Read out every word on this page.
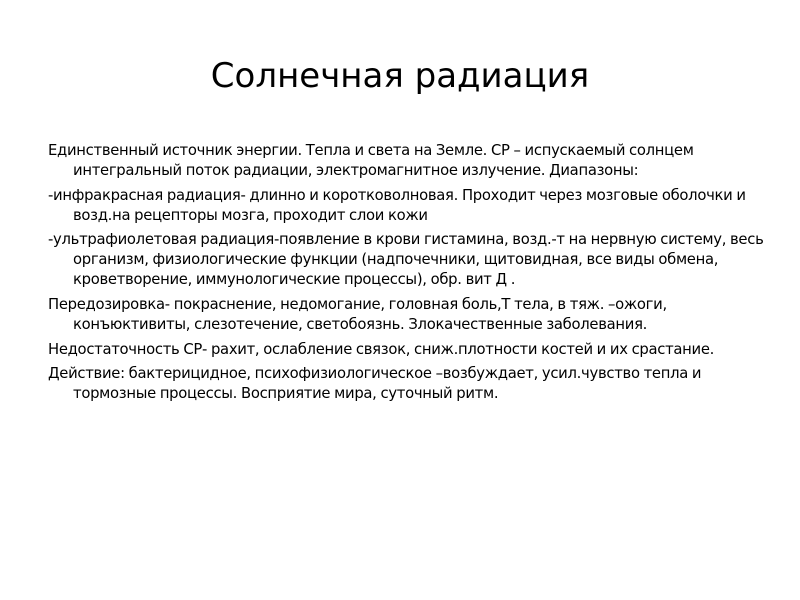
Солнечная радиация

Единственный источник энергии. Тепла и света на Земле. СР – испускаемый солнцем интегральный поток радиации, электромагнитное излучение. Диапазоны:

-инфракрасная радиация- длинно и коротковолновая. Проходит через мозговые оболочки и возд.на рецепторы мозга, проходит слои кожи

-ультрафиолетовая радиация-появление в крови гистамина, возд.-т на нервную систему, весь организм, физиологические функции (надпочечники, щитовидная, все виды обмена, кроветворение, иммунологические процессы), обр. вит Д .

Передозировка- покраснение, недомогание, головная боль,Т тела, в тяж. –ожоги, конъюктивиты, слезотечение, светобоязнь. Злокачественные заболевания.

Недостаточность СР- рахит, ослабление связок, сниж.плотности костей и их срастание.

Действие: бактерицидное, психофизиологическое –возбуждает, усил.чувство тепла и тормозные процессы. Восприятие мира, суточный ритм.
